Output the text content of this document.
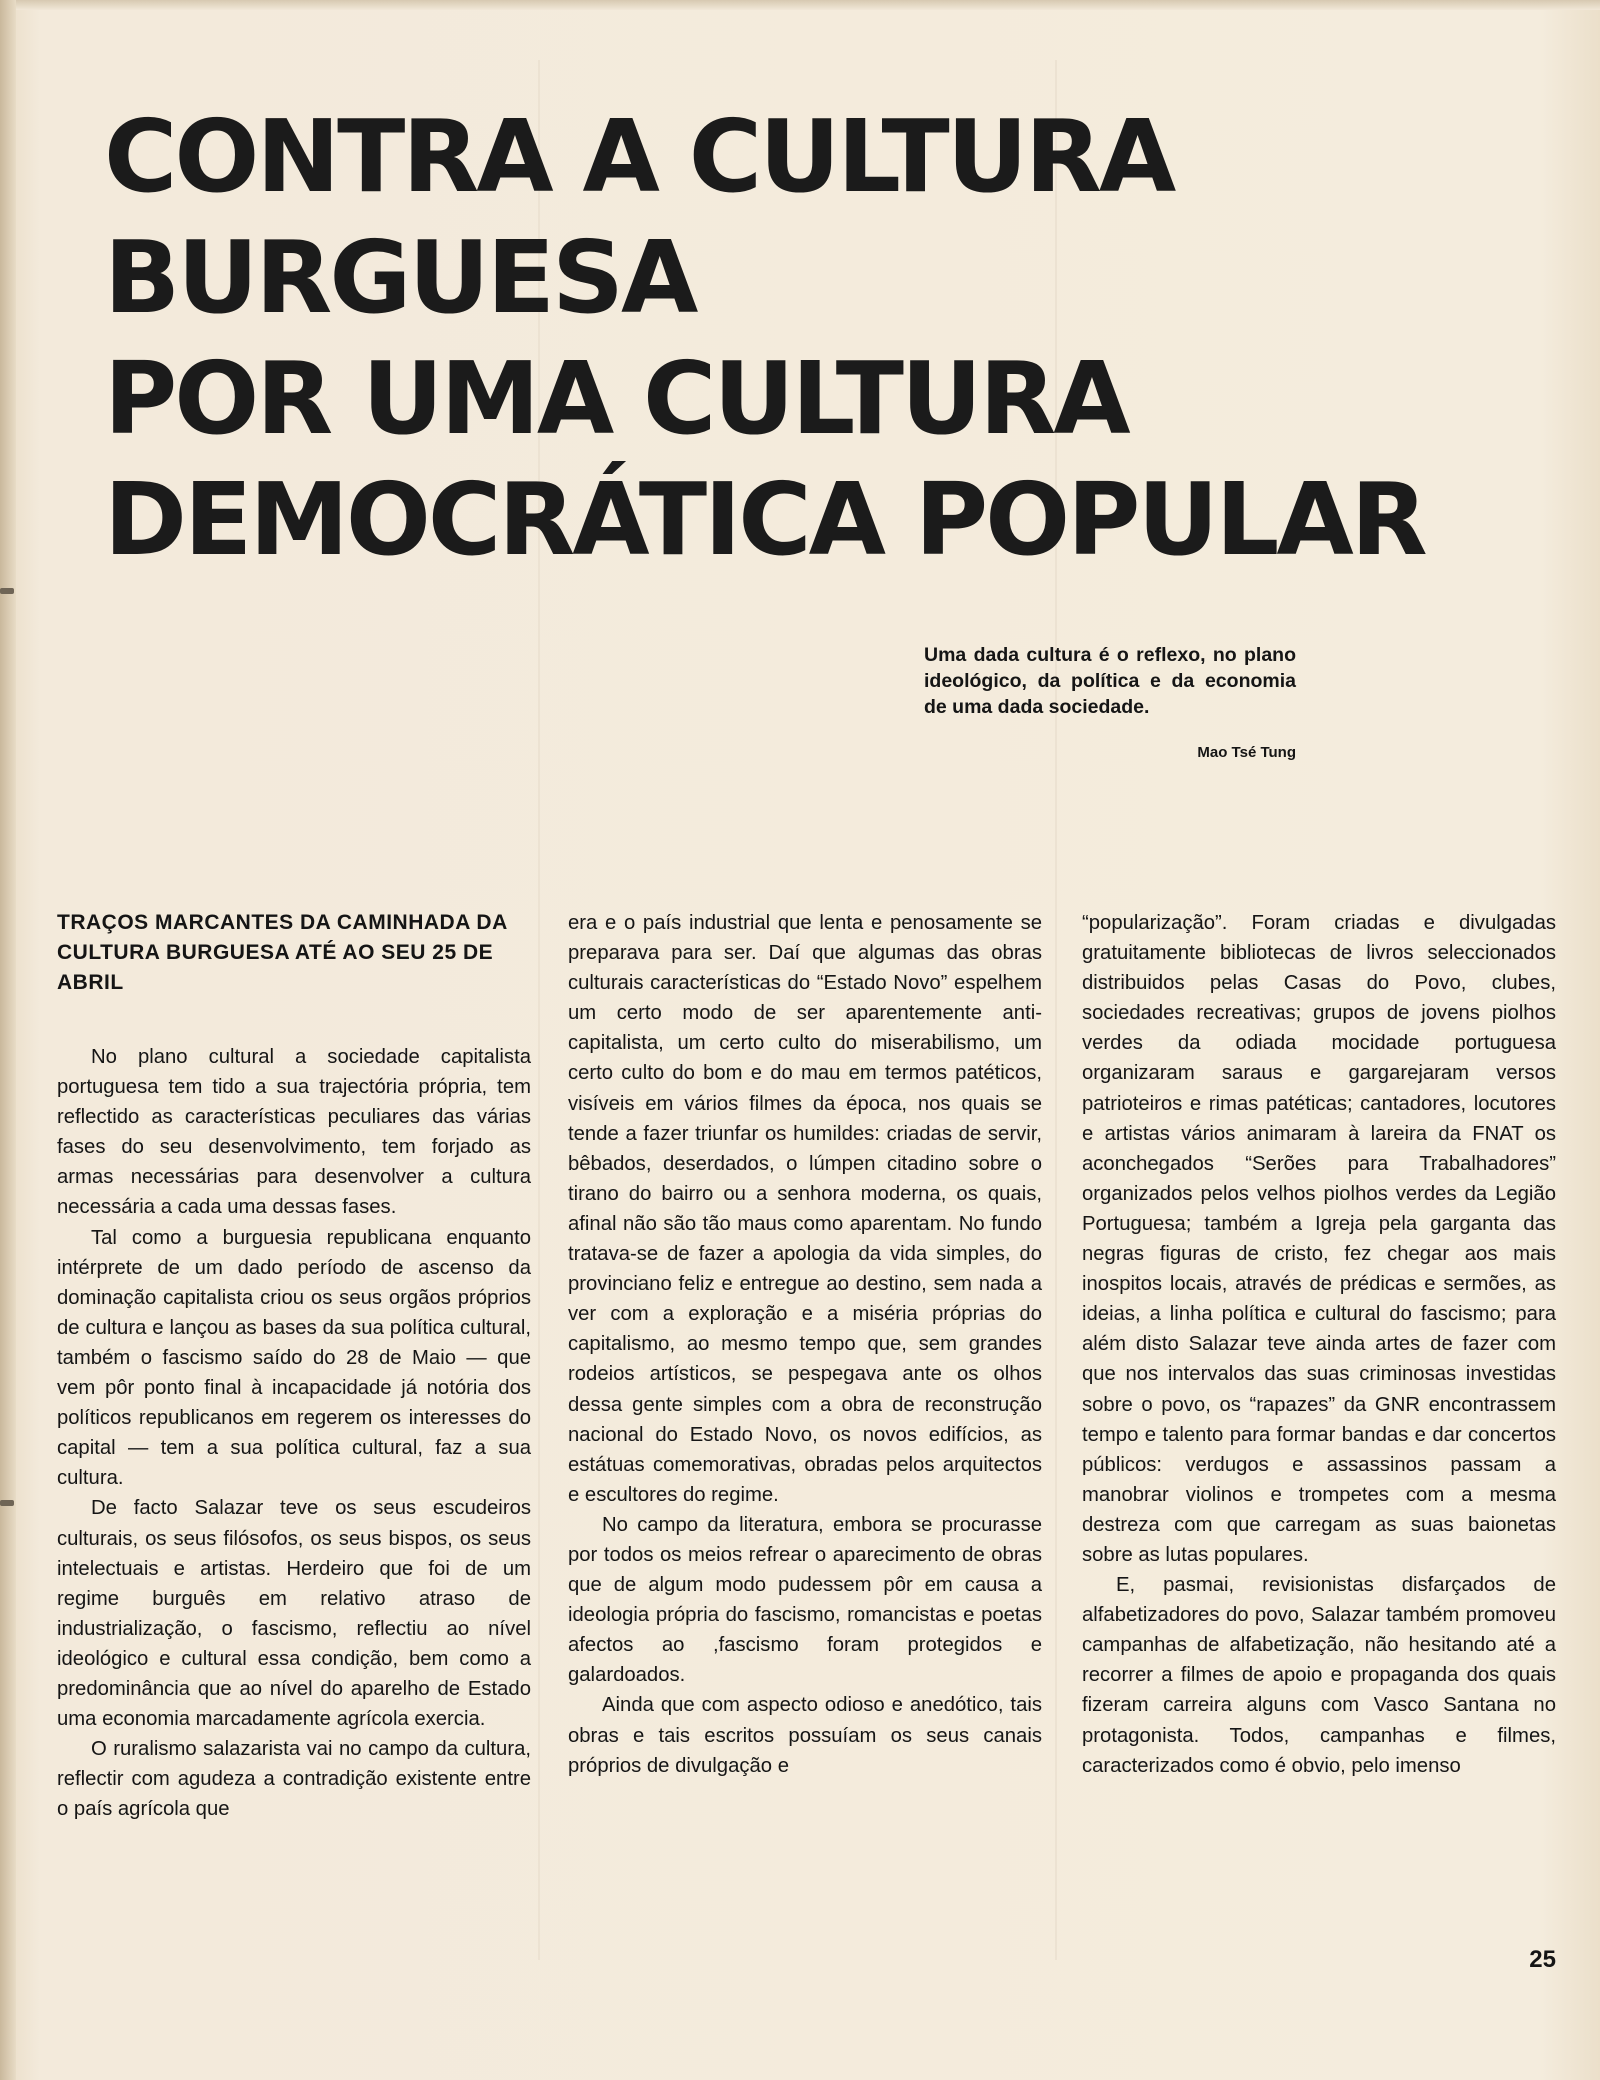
CONTRA A CULTURA BURGUESA
POR UMA CULTURA
DEMOCRÁTICA POPULAR
Uma dada cultura é o reflexo, no plano ideológico, da política e da economia de uma dada sociedade.
Mao Tsé Tung
TRAÇOS MARCANTES DA CAMINHADA DA CULTURA BURGUESA ATÉ AO SEU 25 DE ABRIL

No plano cultural a sociedade capitalista portuguesa tem tido a sua trajectória própria, tem reflectido as características peculiares das várias fases do seu desenvolvimento, tem forjado as armas necessárias para desenvolver a cultura necessária a cada uma dessas fases.

Tal como a burguesia republicana enquanto intérprete de um dado período de ascenso da dominação capitalista criou os seus orgãos próprios de cultura e lançou as bases da sua política cultural, também o fascismo saído do 28 de Maio — que vem pôr ponto final à incapacidade já notória dos políticos republicanos em regerem os interesses do capital — tem a sua política cultural, faz a sua cultura.

De facto Salazar teve os seus escudeiros culturais, os seus filósofos, os seus bispos, os seus intelectuais e artistas. Herdeiro que foi de um regime burguês em relativo atraso de industrialização, o fascismo, reflectiu ao nível ideológico e cultural essa condição, bem como a predominância que ao nível do aparelho de Estado uma economia marcadamente agrícola exercia.

O ruralismo salazarista vai no campo da cultura, reflectir com agudeza a contradição existente entre o país agrícola que

era e o país industrial que lenta e penosamente se preparava para ser. Daí que algumas das obras culturais características do “Estado Novo” espelhem um certo modo de ser aparentemente anti-capitalista, um certo culto do miserabilismo, um certo culto do bom e do mau em termos patéticos, visíveis em vários filmes da época, nos quais se tende a fazer triunfar os humildes: criadas de servir, bêbados, deserdados, o lúmpen citadino sobre o tirano do bairro ou a senhora moderna, os quais, afinal não são tão maus como aparentam. No fundo tratava-se de fazer a apologia da vida simples, do provinciano feliz e entregue ao destino, sem nada a ver com a exploração e a miséria próprias do capitalismo, ao mesmo tempo que, sem grandes rodeios artísticos, se pespegava ante os olhos dessa gente simples com a obra de reconstrução nacional do Estado Novo, os novos edifícios, as estátuas comemorativas, obradas pelos arquitectos e escultores do regime.

No campo da literatura, embora se procurasse por todos os meios refrear o aparecimento de obras que de algum modo pudessem pôr em causa a ideologia própria do fascismo, romancistas e poetas afectos ao ,fascismo foram protegidos e galardoados.

Ainda que com aspecto odioso e anedótico, tais obras e tais escritos possuíam os seus canais próprios de divulgação e

“popularização”. Foram criadas e divulgadas gratuitamente bibliotecas de livros seleccionados distribuidos pelas Casas do Povo, clubes, sociedades recreativas; grupos de jovens piolhos verdes da odiada mocidade portuguesa organizaram saraus e gargarejaram versos patrioteiros e rimas patéticas; cantadores, locutores e artistas vários animaram à lareira da FNAT os aconchegados “Serões para Trabalhadores” organizados pelos velhos piolhos verdes da Legião Portuguesa; também a Igreja pela garganta das negras figuras de cristo, fez chegar aos mais inospitos locais, através de prédicas e sermões, as ideias, a linha política e cultural do fascismo; para além disto Salazar teve ainda artes de fazer com que nos intervalos das suas criminosas investidas sobre o povo, os “rapazes” da GNR encontrassem tempo e talento para formar bandas e dar concertos públicos: verdugos e assassinos passam a manobrar violinos e trompetes com a mesma destreza com que carregam as suas baionetas sobre as lutas populares.

E, pasmai, revisionistas disfarçados de alfabetizadores do povo, Salazar também promoveu campanhas de alfabetização, não hesitando até a recorrer a filmes de apoio e propaganda dos quais fizeram carreira alguns com Vasco Santana no protagonista. Todos, campanhas e filmes, caracterizados como é obvio, pelo imenso

25
